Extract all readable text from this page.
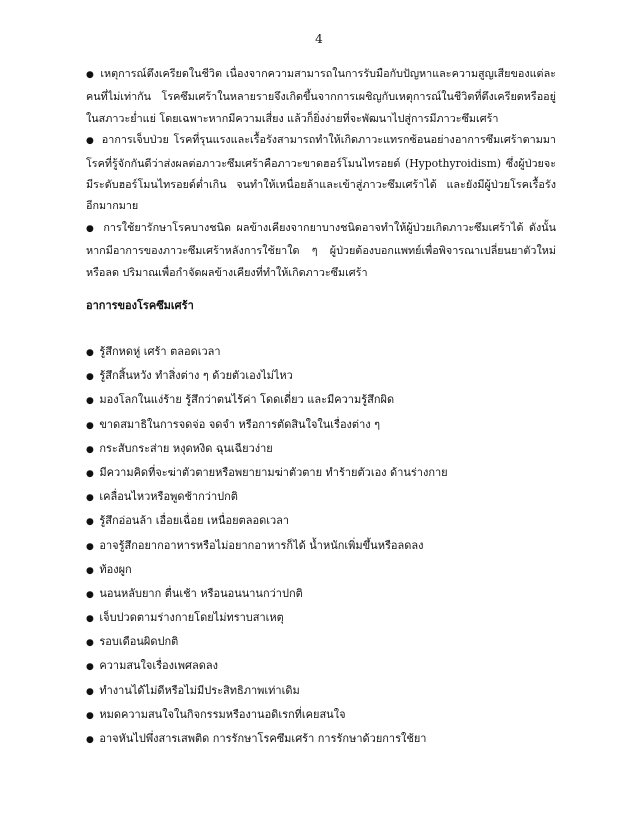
4

● เหตุการณ์ตึงเครียดในชีวิต เนื่องจากความสามารถในการรับมือกับปัญหาและความสูญเสียของแต่ละคนที่ไม่เท่ากัน โรคซึมเศร้าในหลายรายจึงเกิดขึ้นจากการเผชิญกับเหตุการณ์ในชีวิตที่ตึงเครียดหรืออยู่ในสภาวะย่ำแย่ โดยเฉพาะหากมีความเสี่ยง แล้วก็ยิ่งง่ายที่จะพัฒนาไปสู่การมีภาวะซึมเศร้า

● อาการเจ็บป่วย โรคที่รุนแรงและเรื้อรังสามารถทำให้เกิดภาวะแทรกซ้อนอย่างอาการซึมเศร้าตามมา โรคที่รู้จักกันดีว่าส่งผลต่อภาวะซึมเศร้าคือภาวะขาดฮอร์โมนไทรอยด์ (Hypothyroidism) ซึ่งผู้ป่วยจะมีระดับฮอร์โมนไทรอยด์ต่ำเกิน จนทำให้เหนื่อยล้าและเข้าสู่ภาวะซึมเศร้าได้ และยังมีผู้ป่วยโรคเรื้อรังอีกมากมาย

● การใช้ยารักษาโรคบางชนิด ผลข้างเคียงจากยาบางชนิดอาจทำให้ผู้ป่วยเกิดภาวะซึมเศร้าได้ ดังนั้น หากมีอาการของภาวะซึมเศร้าหลังการใช้ยาใด ๆ ผู้ป่วยต้องบอกแพทย์เพื่อพิจารณาเปลี่ยนยาตัวใหม่หรือลด ปริมาณเพื่อกำจัดผลข้างเคียงที่ทำให้เกิดภาวะซึมเศร้า

อาการของโรคซึมเศร้า
● รู้สึกหดหู่ เศร้า ตลอดเวลา
● รู้สึกสิ้นหวัง ทำสิ่งต่าง ๆ ด้วยตัวเองไม่ไหว
● มองโลกในแง่ร้าย รู้สึกว่าตนไร้ค่า โดดเดี่ยว และมีความรู้สึกผิด
● ขาดสมาธิในการจดจ่อ จดจำ หรือการตัดสินใจในเรื่องต่าง ๆ
● กระสับกระส่าย หงุดหงิด ฉุนเฉียวง่าย
● มีความคิดที่จะฆ่าตัวตายหรือพยายามฆ่าตัวตาย ทำร้ายตัวเอง ด้านร่างกาย
● เคลื่อนไหวหรือพูดช้ากว่าปกติ
● รู้สึกอ่อนล้า เอื่อยเฉื่อย เหนื่อยตลอดเวลา
● อาจรู้สึกอยากอาหารหรือไม่อยากอาหารก็ได้ น้ำหนักเพิ่มขึ้นหรือลดลง
● ท้องผูก
● นอนหลับยาก ตื่นเช้า หรือนอนนานกว่าปกติ
● เจ็บปวดตามร่างกายโดยไม่ทราบสาเหตุ
● รอบเดือนผิดปกติ
● ความสนใจเรื่องเพศลดลง
● ทำงานได้ไม่ดีหรือไม่มีประสิทธิภาพเท่าเดิม
● หมดความสนใจในกิจกรรมหรืองานอดิเรกที่เคยสนใจ
● อาจหันไปพึ่งสารเสพติด การรักษาโรคซึมเศร้า การรักษาด้วยการใช้ยา
